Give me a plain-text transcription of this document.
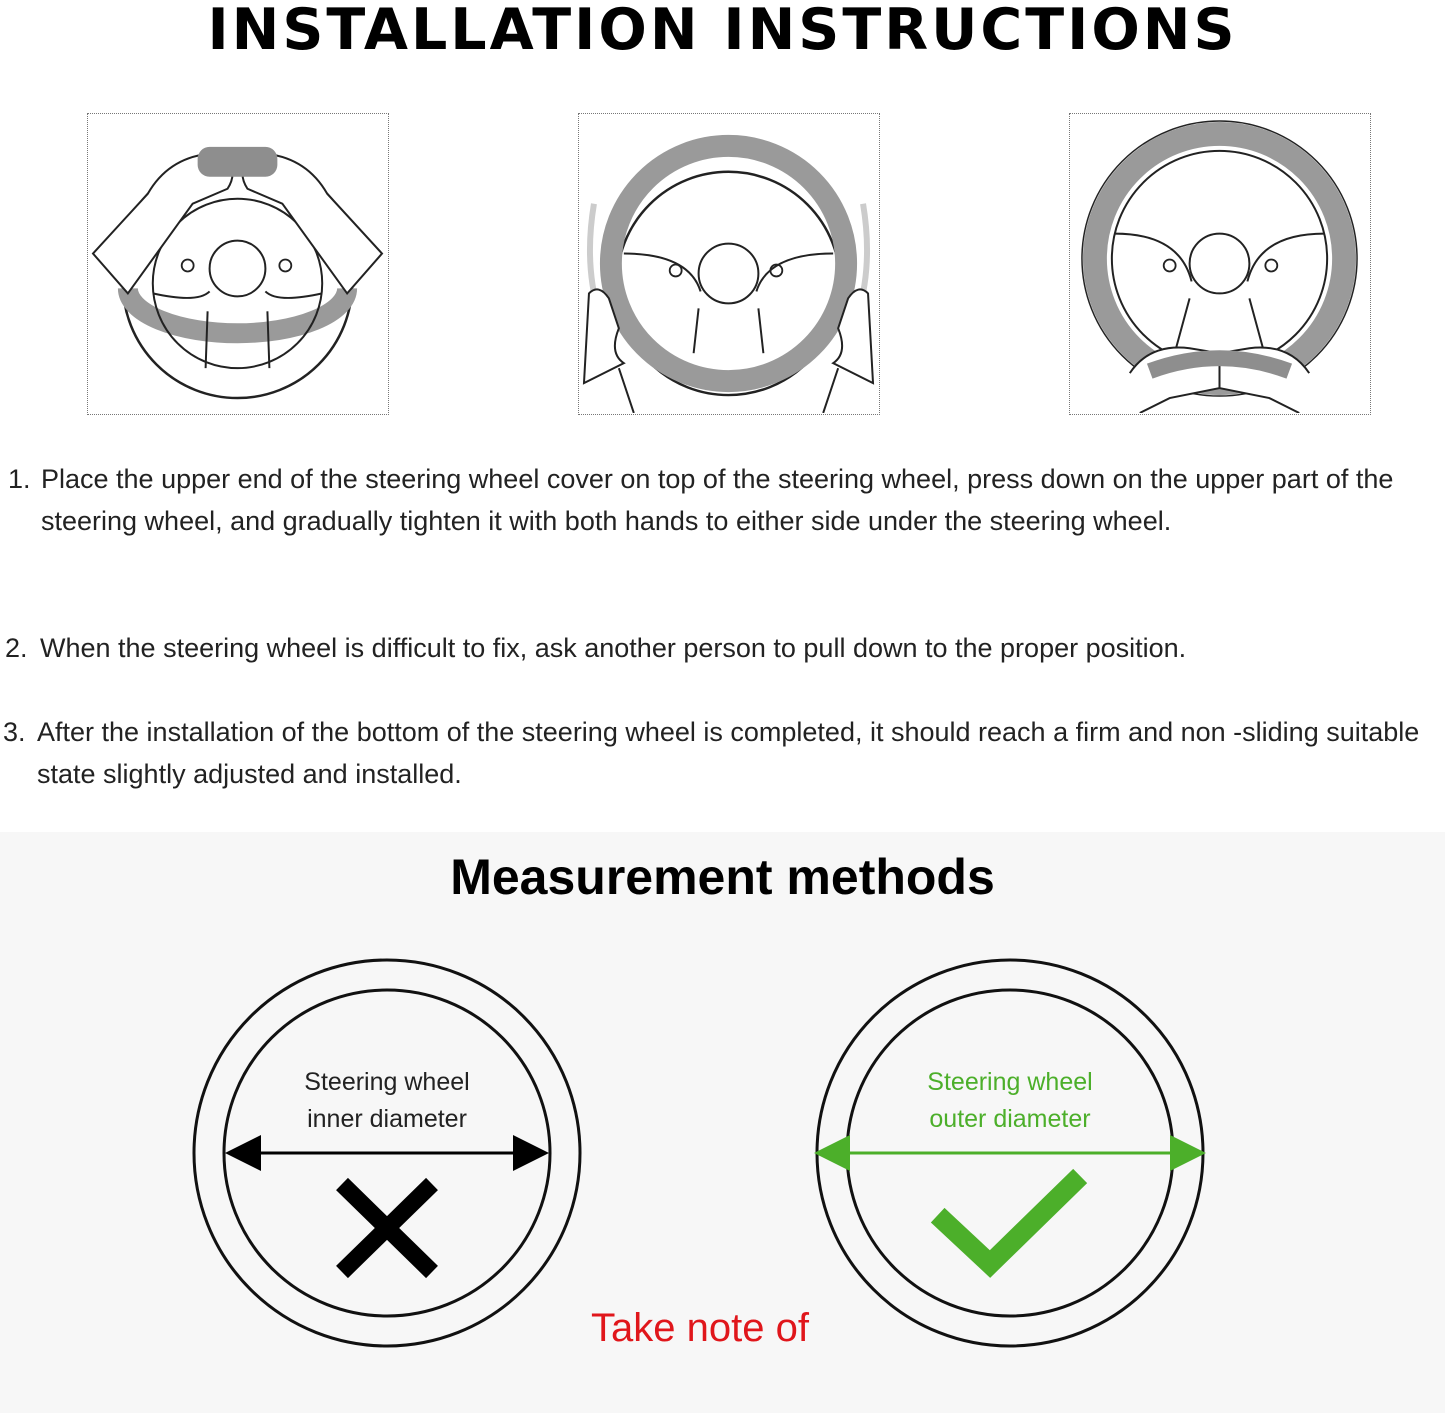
INSTALLATION INSTRUCTIONS
1. Place the upper end of the steering wheel cover on top of the steering wheel, press down on the upper part of the steering wheel, and gradually tighten it with both hands to either side under the steering wheel.
2. When the steering wheel is difficult to fix, ask another person to pull down to the proper position.
3. After the installation of the bottom of the steering wheel is completed, it should reach a firm and non -sliding suitable state slightly adjusted and installed.
Measurement methods
Steering wheel
inner diameter
Steering wheel
outer diameter
Take note of
